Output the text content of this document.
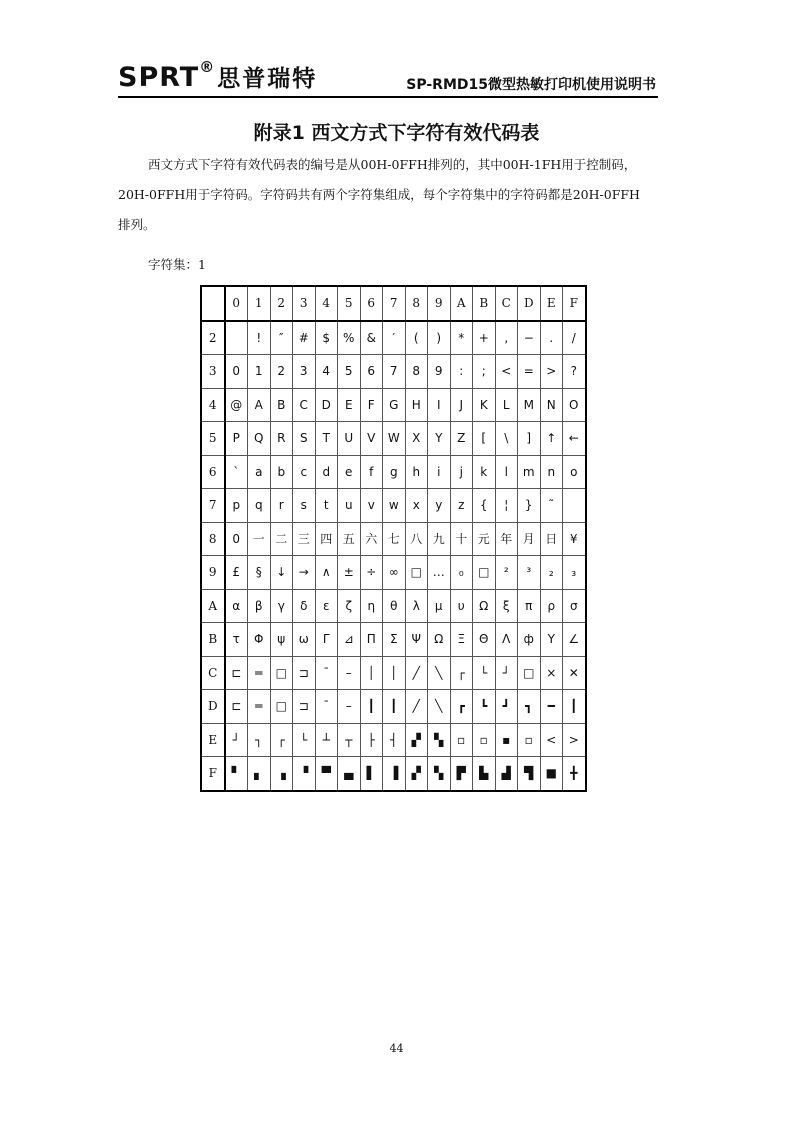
SPRT®思普瑞特	SP-RMD15微型热敏打印机使用说明书
附录1 西文方式下字符有效代码表

西文方式下字符有效代码表的编号是从00H-0FFH排列的，其中00H-1FH用于控制码，

20H-0FFH用于字符码。字符码共有两个字符集组成，每个字符集中的字符码都是20H-0FFH

排列。

字符集：1
	0	1	2	3	4	5	6	7	8	9	A	B	C	D	E	F
2		!	″	#	$	%	&	′	(	)	*	+	,	−	.	/
3	0	1	2	3	4	5	6	7	8	9	:	;	<	=	>	?
4	@	A	B	C	D	E	F	G	H	I	J	K	L	M	N	O
5	P	Q	R	S	T	U	V	W	X	Y	Z	[	\	]	↑	←
6	`	a	b	c	d	e	f	g	h	i	j	k	l	m	n	o
7	p	q	r	s	t	u	v	w	x	y	z	{	¦	}	˜	
8	0	一	二	三	四	五	六	七	八	九	十	元	年	月	日	¥
9	£	§	↓	→	∧	±	÷	∞	□	…	₀	□	²	³	₂	₃
A	α	β	γ	δ	ε	ζ	η	θ	λ	μ	υ	Ω	ξ	π	ρ	σ
B	τ	Φ	ψ	ω	Γ	⊿	Π	Σ	Ψ	Ω	Ξ	Θ	Λ	ф	Υ	∠
C	⊏	═	□	⊐	¯	–	│	│	╱	╲	┌	└	┘	□	×	✕
D	⊏	═	□	⊐	¯	–	┃	┃	╱	╲	┏	┗	┛	┓	━	┃
E	┘	┐	┌	└	┴	┬	├	┤	▞	▚	▫	▫	▪	▫	<	>
F	▘	▖	▗	▝	▀	▄	▌	▐	▞	▚	▛	▙	▟	▜	■	╋
44
